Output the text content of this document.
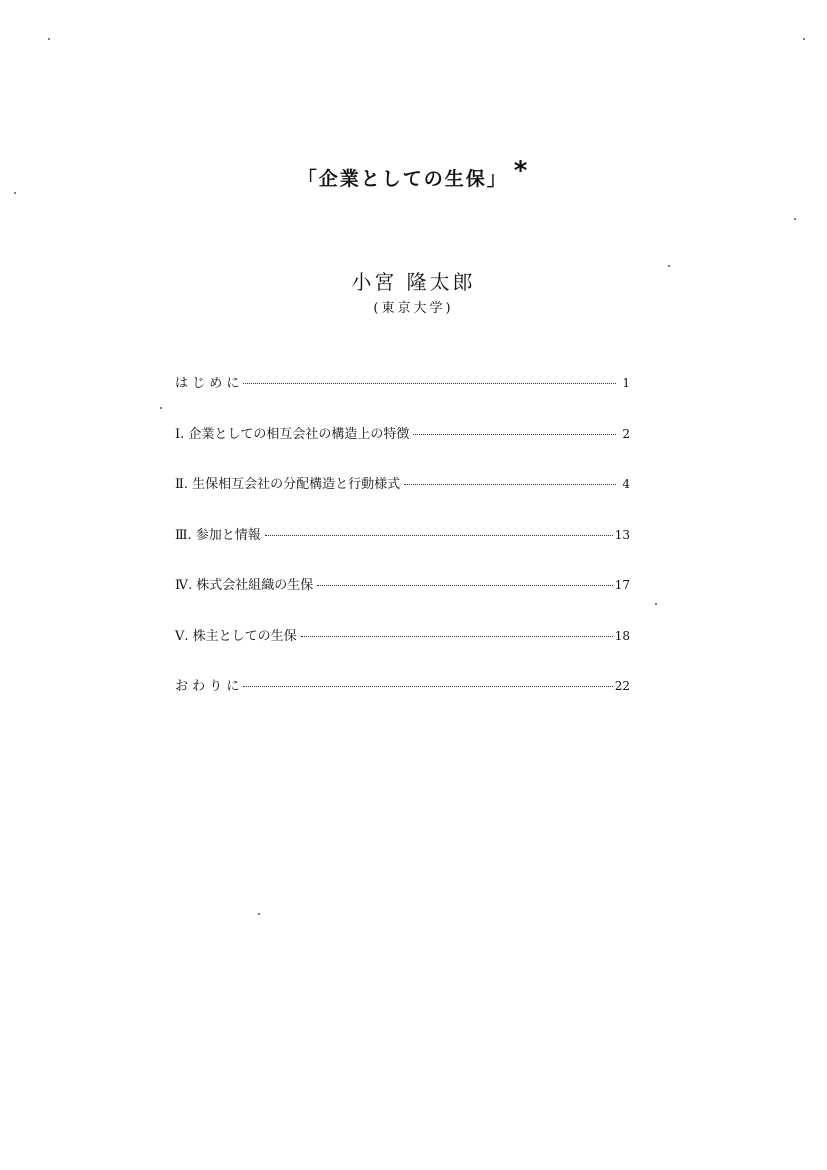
「企業としての生保」 *
小宮 隆太郎
(東京大学)
は じ め に	1
Ⅰ. 企業としての相互会社の構造上の特徴	2
Ⅱ. 生保相互会社の分配構造と行動様式	4
Ⅲ. 参加と情報	13
Ⅳ. 株式会社組織の生保	17
Ⅴ. 株主としての生保	18
お わ り に	22
